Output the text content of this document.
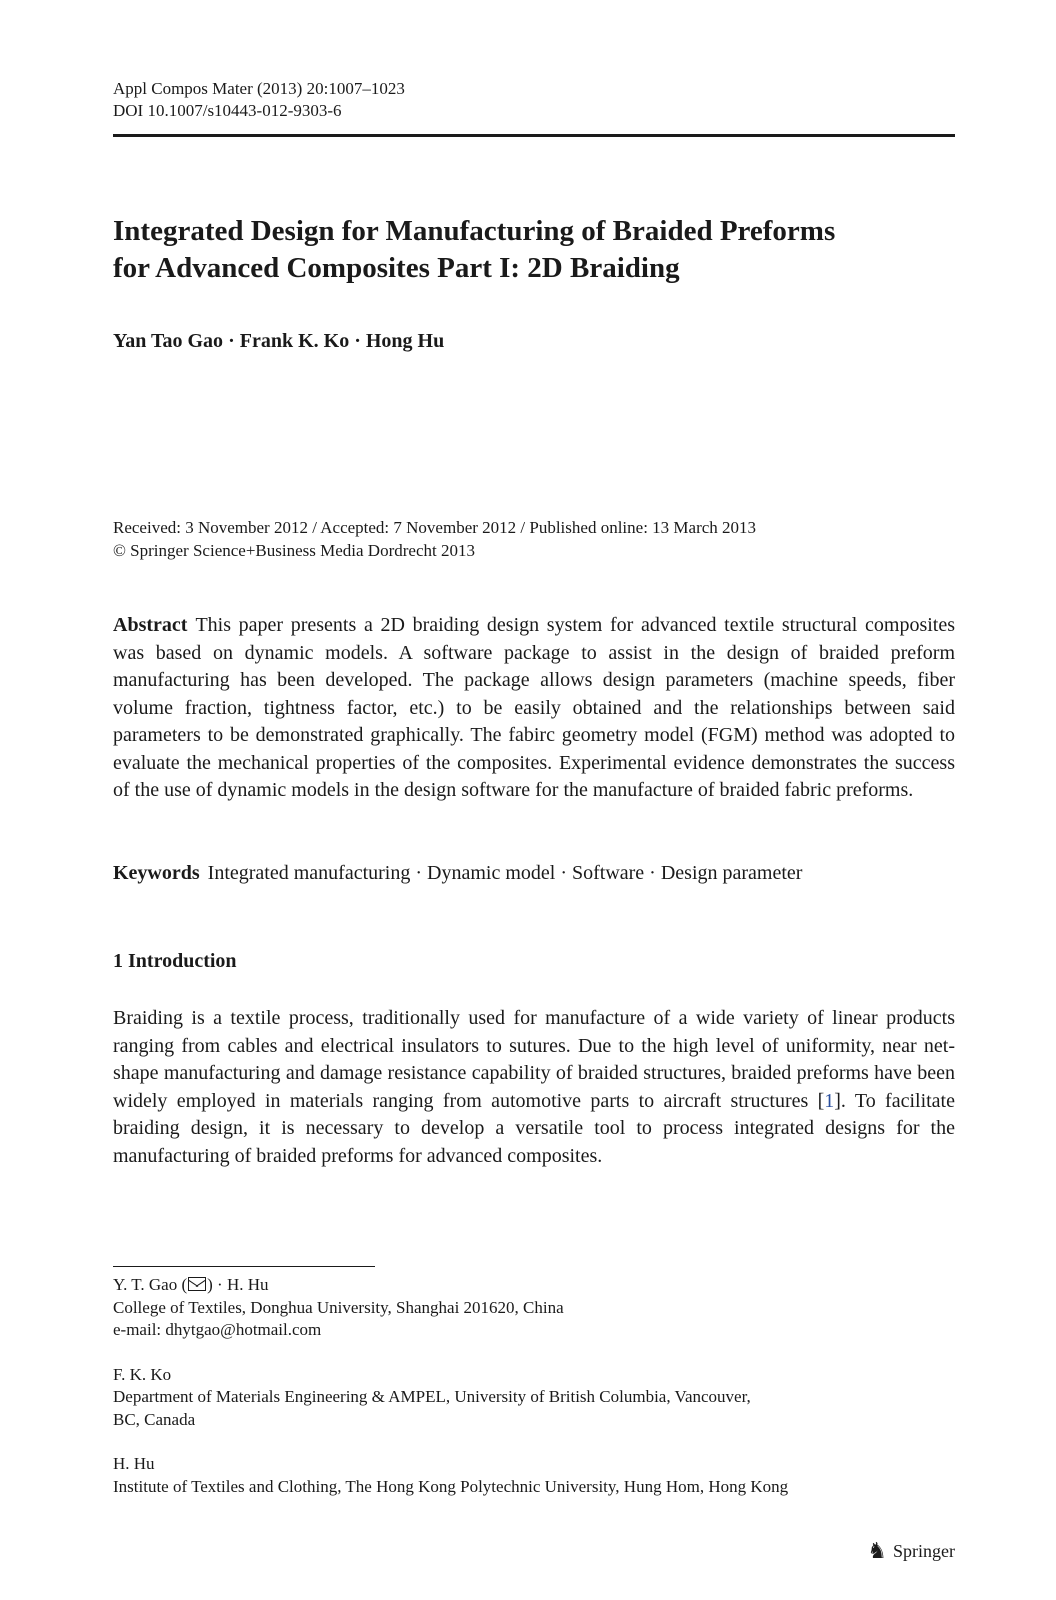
Appl Compos Mater (2013) 20:1007–1023
DOI 10.1007/s10443-012-9303-6
Integrated Design for Manufacturing of Braided Preforms
for Advanced Composites Part I: 2D Braiding
Yan Tao Gao · Frank K. Ko · Hong Hu
Received: 3 November 2012 / Accepted: 7 November 2012 / Published online: 13 March 2013
© Springer Science+Business Media Dordrecht 2013

Abstract This paper presents a 2D braiding design system for advanced textile structural composites was based on dynamic models. A software package to assist in the design of braided preform manufacturing has been developed. The package allows design parameters (machine speeds, fiber volume fraction, tightness factor, etc.) to be easily obtained and the relationships between said parameters to be demonstrated graphically. The fabirc geometry model (FGM) method was adopted to evaluate the mechanical properties of the composites. Experimental evidence demonstrates the success of the use of dynamic models in the design software for the manufacture of braided fabric preforms.

Keywords Integrated manufacturing · Dynamic model · Software · Design parameter
1 Introduction

Braiding is a textile process, traditionally used for manufacture of a wide variety of linear products ranging from cables and electrical insulators to sutures. Due to the high level of uniformity, near net-shape manufacturing and damage resistance capability of braided structures, braided preforms have been widely employed in materials ranging from automotive parts to aircraft structures [1]. To facilitate braiding design, it is necessary to develop a versatile tool to process integrated designs for the manufacturing of braided preforms for advanced composites.

Y. T. Gao ( ) · H. Hu
College of Textiles, Donghua University, Shanghai 201620, China
e-mail: dhytgao@hotmail.com
F. K. Ko
Department of Materials Engineering & AMPEL, University of British Columbia, Vancouver,
BC, Canada
H. Hu
Institute of Textiles and Clothing, The Hong Kong Polytechnic University, Hung Hom, Hong Kong
♞ Springer
